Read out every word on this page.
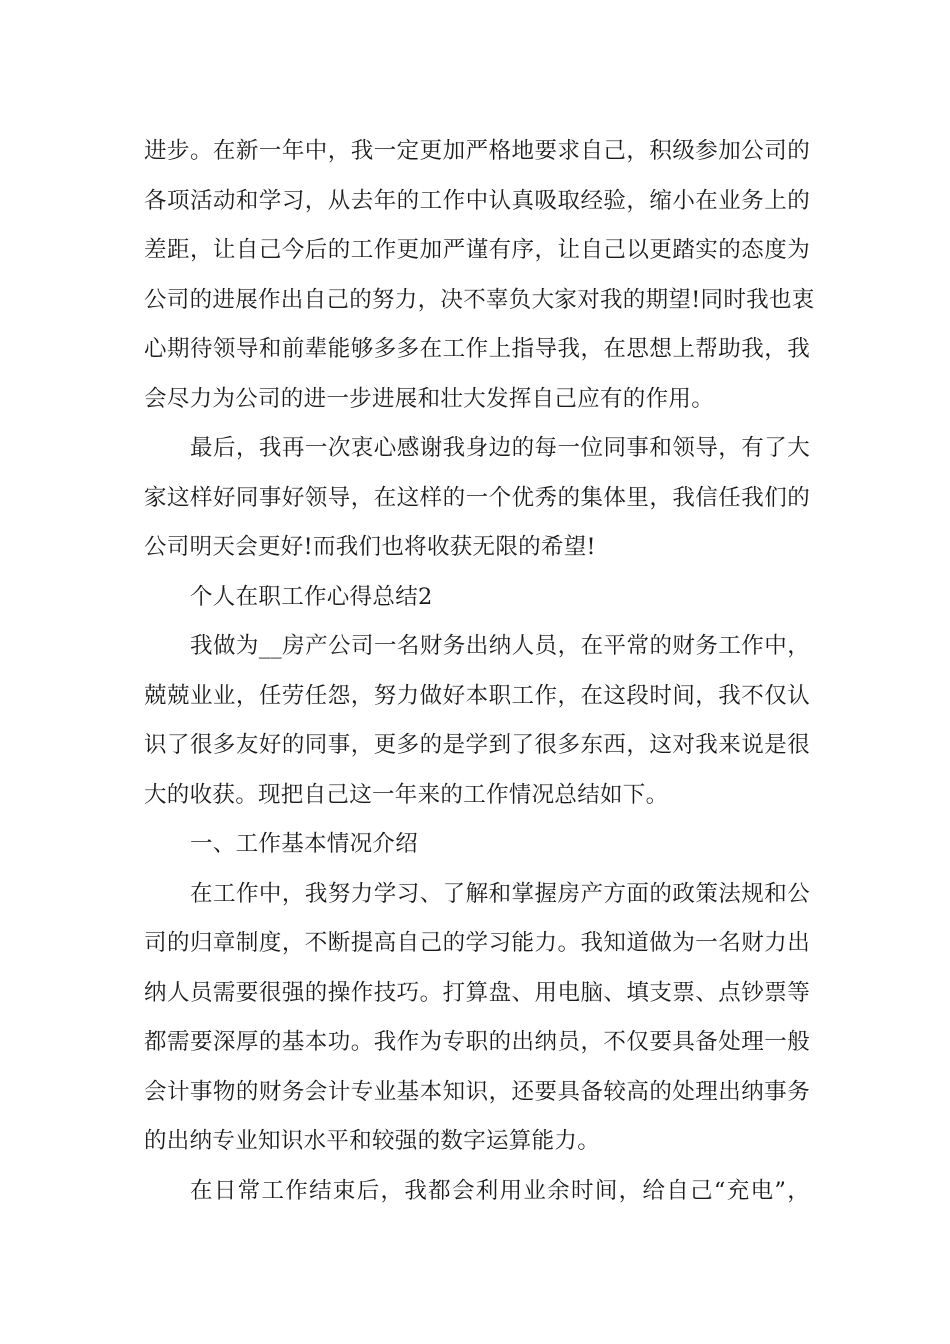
进步。在新一年中，我一定更加严格地要求自己，积级参加公司的
各项活动和学习，从去年的工作中认真吸取经验，缩小在业务上的
差距，让自己今后的工作更加严谨有序，让自己以更踏实的态度为
公司的进展作出自己的努力，决不辜负大家对我的期望!同时我也衷
心期待领导和前辈能够多多在工作上指导我，在思想上帮助我，我
会尽力为公司的进一步进展和壮大发挥自己应有的作用。
最后，我再一次衷心感谢我身边的每一位同事和领导，有了大
家这样好同事好领导，在这样的一个优秀的集体里，我信任我们的
公司明天会更好!而我们也将收获无限的希望!
个人在职工作心得总结2
我做为__房产公司一名财务出纳人员，在平常的财务工作中，
兢兢业业，任劳任怨，努力做好本职工作，在这段时间，我不仅认
识了很多友好的同事，更多的是学到了很多东西，这对我来说是很
大的收获。现把自己这一年来的工作情况总结如下。
一、工作基本情况介绍
在工作中，我努力学习、了解和掌握房产方面的政策法规和公
司的归章制度，不断提高自己的学习能力。我知道做为一名财力出
纳人员需要很强的操作技巧。打算盘、用电脑、填支票、点钞票等
都需要深厚的基本功。我作为专职的出纳员，不仅要具备处理一般
会计事物的财务会计专业基本知识，还要具备较高的处理出纳事务
的出纳专业知识水平和较强的数字运算能力。
在日常工作结束后，我都会利用业余时间，给自己“充电”，
